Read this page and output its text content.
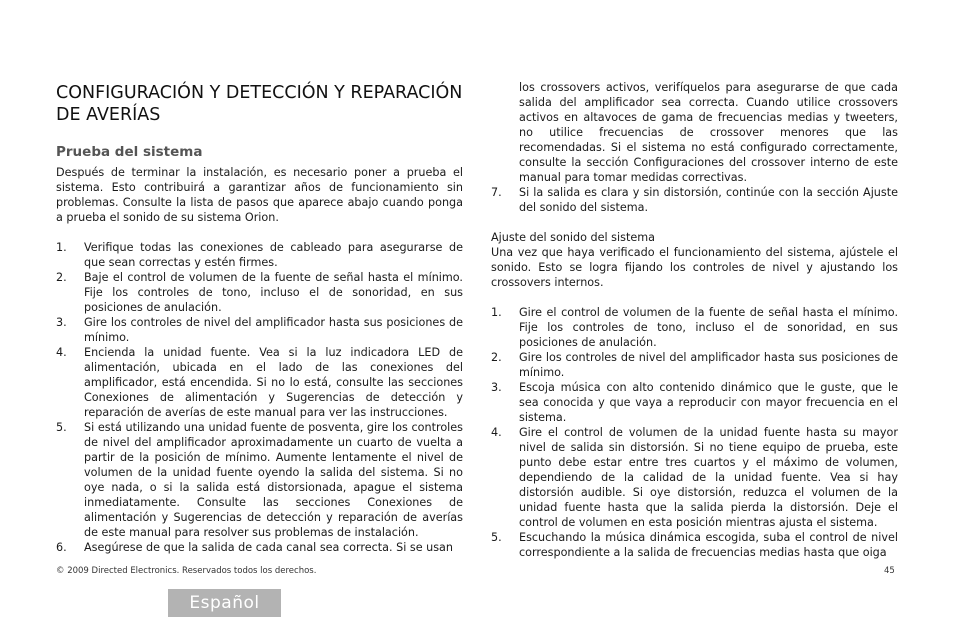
CONFIGURACIÓN Y DETECCIÓN Y REPARACIÓN DE AVERÍAS
Prueba del sistema

Después de terminar la instalación, es necesario poner a prueba el sistema. Esto contribuirá a garantizar años de funcionamiento sin problemas. Consulte la lista de pasos que aparece abajo cuando ponga a prueba el sonido de su sistema Orion.

1. Verifique todas las conexiones de cableado para asegurarse de que sean correctas y estén firmes.
2. Baje el control de volumen de la fuente de señal hasta el mínimo. Fije los controles de tono, incluso el de sonoridad, en sus posiciones de anulación.
3. Gire los controles de nivel del amplificador hasta sus posiciones de mínimo.
4. Encienda la unidad fuente. Vea si la luz indicadora LED de alimentación, ubicada en el lado de las conexiones del amplificador, está encendida. Si no lo está, consulte las secciones Conexiones de alimentación y Sugerencias de detección y reparación de averías de este manual para ver las instrucciones.
5. Si está utilizando una unidad fuente de posventa, gire los controles de nivel del amplificador aproximadamente un cuarto de vuelta a partir de la posición de mínimo. Aumente lentamente el nivel de volumen de la unidad fuente oyendo la salida del sistema. Si no oye nada, o si la salida está distorsionada, apague el sistema inmediatamente. Consulte las secciones Conexiones de alimentación y Sugerencias de detección y reparación de averías de este manual para resolver sus problemas de instalación.
6. Asegúrese de que la salida de cada canal sea correcta. Si se usan
los crossovers activos, verifíquelos para asegurarse de que cada salida del amplificador sea correcta. Cuando utilice crossovers activos en altavoces de gama de frecuencias medias y tweeters, no utilice frecuencias de crossover menores que las recomendadas. Si el sistema no está configurado correctamente, consulte la sección Configuraciones del crossover interno de este manual para tomar medidas correctivas.
7. Si la salida es clara y sin distorsión, continúe con la sección Ajuste del sonido del sistema.

Ajuste del sonido del sistema

Una vez que haya verificado el funcionamiento del sistema, ajústele el sonido. Esto se logra fijando los controles de nivel y ajustando los crossovers internos.

1. Gire el control de volumen de la fuente de señal hasta el mínimo. Fije los controles de tono, incluso el de sonoridad, en sus posiciones de anulación.
2. Gire los controles de nivel del amplificador hasta sus posiciones de mínimo.
3. Escoja música con alto contenido dinámico que le guste, que le sea conocida y que vaya a reproducir con mayor frecuencia en el sistema.
4. Gire el control de volumen de la unidad fuente hasta su mayor nivel de salida sin distorsión. Si no tiene equipo de prueba, este punto debe estar entre tres cuartos y el máximo de volumen, dependiendo de la calidad de la unidad fuente. Vea si hay distorsión audible. Si oye distorsión, reduzca el volumen de la unidad fuente hasta que la salida pierda la distorsión. Deje el control de volumen en esta posición mientras ajusta el sistema.
5. Escuchando la música dinámica escogida, suba el control de nivel correspondiente a la salida de frecuencias medias hasta que oiga
© 2009 Directed Electronics. Reservados todos los derechos.	45
Español
